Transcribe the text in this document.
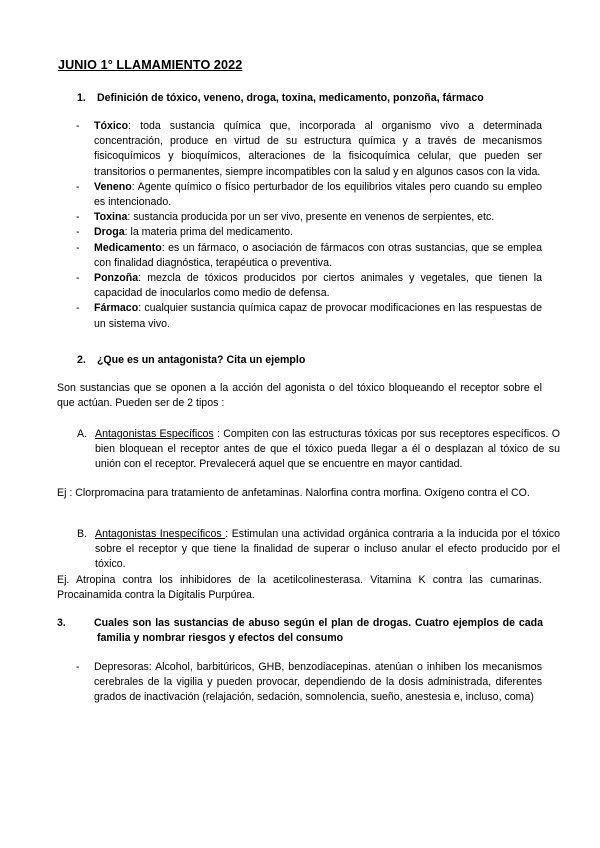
JUNIO 1° LLAMAMIENTO 2022
1. Definición de tóxico, veneno, droga, toxina, medicamento, ponzoña, fármaco
- Tóxico: toda sustancia química que, incorporada al organismo vivo a determinada concentración, produce en virtud de su estructura química y a través de mecanismos fisicoquímicos y bioquímicos, alteraciones de la fisicoquímica celular, que pueden ser transitorios o permanentes, siempre incompatibles con la salud y en algunos casos con la vida.
- Veneno: Agente químico o físico perturbador de los equilibrios vitales pero cuando su empleo es intencionado.
- Toxina: sustancia producida por un ser vivo, presente en venenos de serpientes, etc.
- Droga: la materia prima del medicamento.
- Medicamento: es un fármaco, o asociación de fármacos con otras sustancias, que se emplea con finalidad diagnóstica, terapéutica o preventiva.
- Ponzoña: mezcla de tóxicos producidos por ciertos animales y vegetales, que tienen la capacidad de inocularlos como medio de defensa.
- Fármaco: cualquier sustancia química capaz de provocar modificaciones en las respuestas de un sistema vivo.
2. ¿Que es un antagonista? Cita un ejemplo
Son sustancias que se oponen a la acción del agonista o del tóxico bloqueando el receptor sobre el que actúan. Pueden ser de 2 tipos :
A. Antagonistas Específicos : Compiten con las estructuras tóxicas por sus receptores específicos. O bien bloquean el receptor antes de que el tóxico pueda llegar a él o desplazan al tóxico de su unión con el receptor. Prevalecerá aquel que se encuentre en mayor cantidad.
Ej : Clorpromacina para tratamiento de anfetaminas. Nalorfina contra morfina. Oxígeno contra el CO.
B. Antagonistas Inespecíficos : Estimulan una actividad orgánica contraria a la inducida por el tóxico sobre el receptor y que tiene la finalidad de superar o incluso anular el efecto producido por el tóxico.
Ej. Atropina contra los inhibidores de la acetilcolinesterasa. Vitamina K contra las cumarinas. Procainamida contra la Digitalis Purpúrea.
3.	Cuales son las sustancias de abuso según el plan de drogas. Cuatro ejemplos de cada familia y nombrar riesgos y efectos del consumo
- Depresoras: Alcohol, barbitúricos, GHB, benzodiacepinas. atenúan o inhiben los mecanismos cerebrales de la vigilia y pueden provocar, dependiendo de la dosis administrada, diferentes grados de inactivación (relajación, sedación, somnolencia, sueño, anestesia e, incluso, coma)
